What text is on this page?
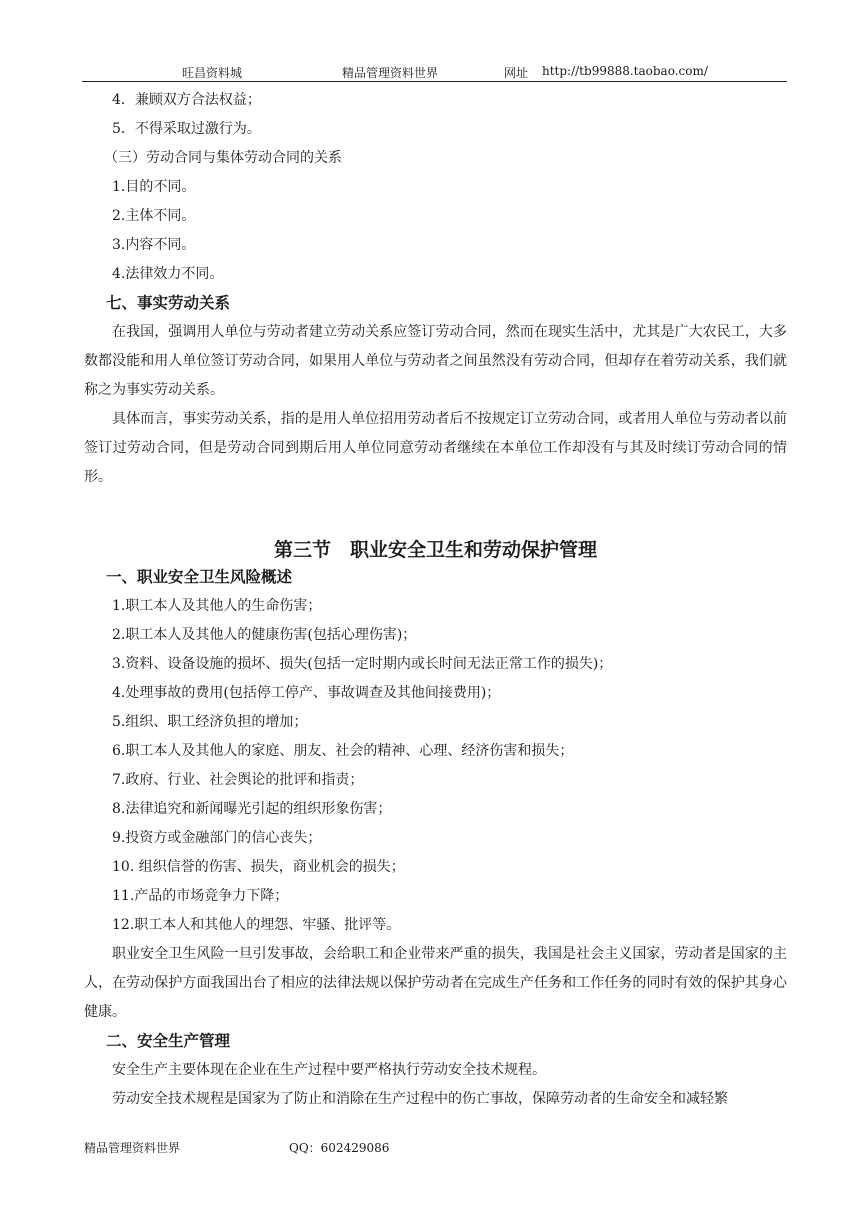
旺昌资料城	精品管理资料世界	网址 http://tb99888.taobao.com/

4．兼顾双方合法权益；

5．不得采取过激行为。

（三）劳动合同与集体劳动合同的关系

1.目的不同。

2.主体不同。

3.内容不同。

4.法律效力不同。

七、事实劳动关系

在我国，强调用人单位与劳动者建立劳动关系应签订劳动合同，然而在现实生活中，尤其是广大农民工，大多数都没能和用人单位签订劳动合同，如果用人单位与劳动者之间虽然没有劳动合同，但却存在着劳动关系，我们就称之为事实劳动关系。

具体而言，事实劳动关系，指的是用人单位招用劳动者后不按规定订立劳动合同，或者用人单位与劳动者以前签订过劳动合同，但是劳动合同到期后用人单位同意劳动者继续在本单位工作却没有与其及时续订劳动合同的情形。

第三节　职业安全卫生和劳动保护管理

一、职业安全卫生风险概述

1.职工本人及其他人的生命伤害；

2.职工本人及其他人的健康伤害(包括心理伤害)；

3.资料、设备设施的损坏、损失(包括一定时期内或长时间无法正常工作的损失)；

4.处理事故的费用(包括停工停产、事故调查及其他间接费用)；

5.组织、职工经济负担的增加；

6.职工本人及其他人的家庭、朋友、社会的精神、心理、经济伤害和损失；

7.政府、行业、社会舆论的批评和指责；

8.法律追究和新闻曝光引起的组织形象伤害；

9.投资方或金融部门的信心丧失；

10. 组织信誉的伤害、损失，商业机会的损失；

11.产品的市场竞争力下降；

12.职工本人和其他人的埋怨、牢骚、批评等。

职业安全卫生风险一旦引发事故，会给职工和企业带来严重的损失，我国是社会主义国家，劳动者是国家的主人，在劳动保护方面我国出台了相应的法律法规以保护劳动者在完成生产任务和工作任务的同时有效的保护其身心健康。

二、安全生产管理

安全生产主要体现在企业在生产过程中要严格执行劳动安全技术规程。

劳动安全技术规程是国家为了防止和消除在生产过程中的伤亡事故，保障劳动者的生命安全和减轻繁

精品管理资料世界	QQ：602429086
